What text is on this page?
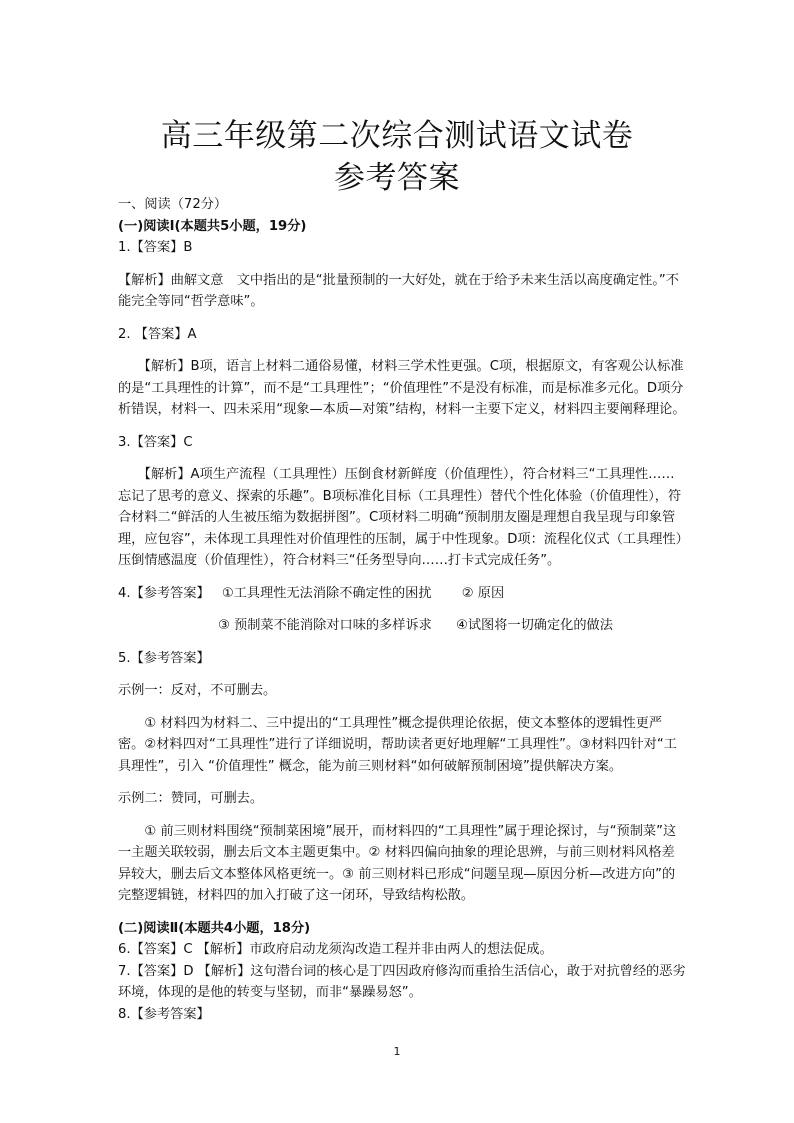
高三年级第二次综合测试语文试卷
参考答案

一、阅读（72分）

(一)阅读Ⅰ(本题共5小题，19分)

1.【答案】B

【解析】曲解文意　文中指出的是“批量预制的一大好处，就在于给予未来生活以高度确定性。”不能完全等同“哲学意味”。

2. 【答案】A

【解析】B项，语言上材料二通俗易懂，材料三学术性更强。C项，根据原文，有客观公认标准的是“工具理性的计算”，而不是“工具理性”；“价值理性”不是没有标准，而是标准多元化。D项分析错误，材料一、四未采用“现象—本质—对策”结构，材料一主要下定义，材料四主要阐释理论。

3.【答案】C

【解析】A项生产流程（工具理性）压倒食材新鲜度（价值理性），符合材料三“工具理性……忘记了思考的意义、探索的乐趣”。B项标准化目标（工具理性）替代个性化体验（价值理性），符合材料二“鲜活的人生被压缩为数据拼图”。C项材料二明确“预制朋友圈是理想自我呈现与印象管理，应包容”，未体现工具理性对价值理性的压制，属于中性现象。D项：流程化仪式（工具理性）压倒情感温度（价值理性），符合材料三“任务型导向……打卡式完成任务”。

4.【参考答案】 ①工具理性无法消除不确定性的困扰 ② 原因

③ 预制菜不能消除对口味的多样诉求 ④试图将一切确定化的做法

5.【参考答案】

示例一：反对，不可删去。

① 材料四为材料二、三中提出的“工具理性”概念提供理论依据，使文本整体的逻辑性更严密。②材料四对“工具理性”进行了详细说明，帮助读者更好地理解“工具理性”。③材料四针对“工具理性”，引入 “价值理性” 概念，能为前三则材料“如何破解预制困境”提供解决方案。

示例二：赞同，可删去。

① 前三则材料围绕“预制菜困境”展开，而材料四的“工具理性”属于理论探讨，与“预制菜”这一主题关联较弱，删去后文本主题更集中。② 材料四偏向抽象的理论思辨，与前三则材料风格差异较大，删去后文本整体风格更统一。③ 前三则材料已形成“问题呈现—原因分析—改进方向”的完整逻辑链，材料四的加入打破了这一闭环，导致结构松散。

(二)阅读Ⅱ(本题共4小题，18分)

6.【答案】C 【解析】市政府启动龙须沟改造工程并非由两人的想法促成。

7.【答案】D 【解析】这句潜台词的核心是丁四因政府修沟而重拾生活信心，敢于对抗曾经的恶劣环境，体现的是他的转变与坚韧，而非“暴躁易怒”。

8.【参考答案】

1
